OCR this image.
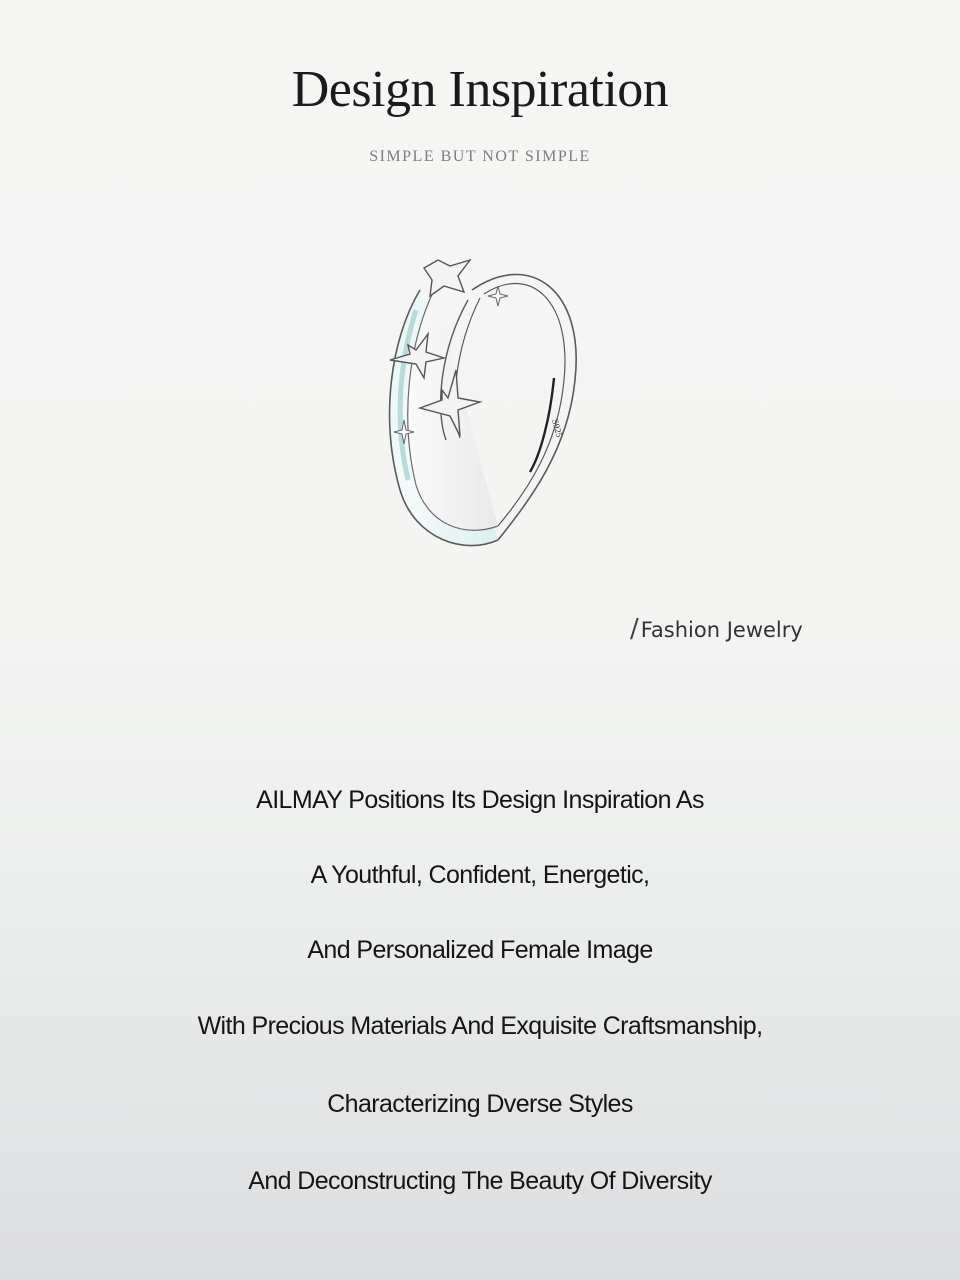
Design Inspiration
SIMPLE BUT NOT SIMPLE
S925
/Fashion Jewelry
AILMAY Positions Its Design Inspiration As
A Youthful, Confident, Energetic,
And Personalized Female Image
With Precious Materials And Exquisite Craftsmanship,
Characterizing Dverse Styles
And Deconstructing The Beauty Of Diversity
